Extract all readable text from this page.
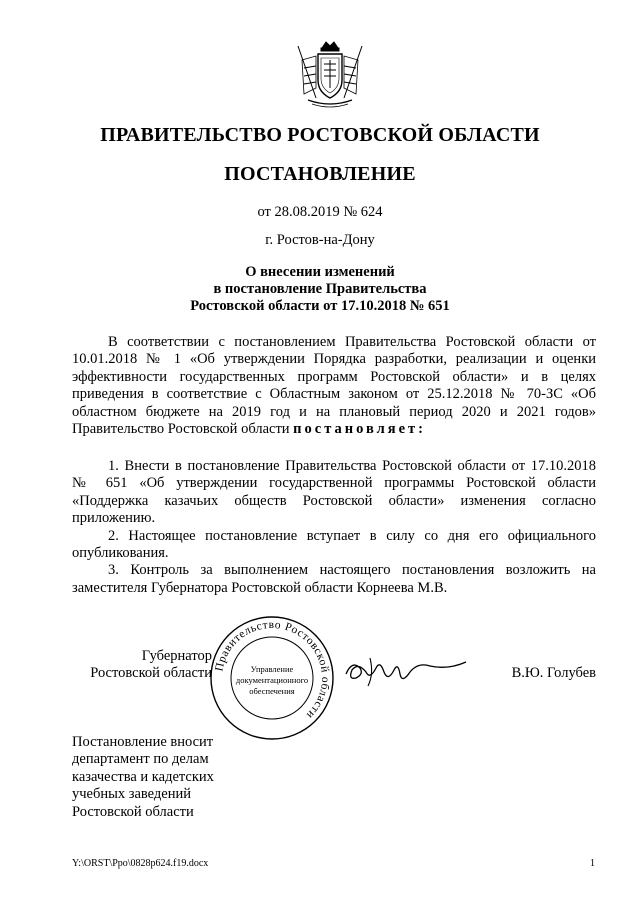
ПРАВИТЕЛЬСТВО РОСТОВСКОЙ ОБЛАСТИ
ПОСТАНОВЛЕНИЕ
от 28.08.2019 № 624
г. Ростов-на-Дону
О внесении изменений
в постановление Правительства
Ростовской области от 17.10.2018 № 651

В соответствии с постановлением Правительства Ростовской области от 10.01.2018 № 1 «Об утверждении Порядка разработки, реализации и оценки эффективности государственных программ Ростовской области» и в целях приведения в соответствие с Областным законом от 25.12.2018 № 70-ЗС «Об областном бюджете на 2019 год и на плановый период 2020 и 2021 годов» Правительство Ростовской области постановляет:

1. Внести в постановление Правительства Ростовской области от 17.10.2018 № 651 «Об утверждении государственной программы Ростовской области «Поддержка казачьих обществ Ростовской области» изменения согласно приложению.

2. Настоящее постановление вступает в силу со дня его официального опубликования.

3. Контроль за выполнением настоящего постановления возложить на заместителя Губернатора Ростовской области Корнеева М.В.

Губернатор
Ростовской области Правительство Ростовской области
Управление
документационного
обеспечения
В.Ю. Голубев
Постановление вносит
департамент по делам
казачества и кадетских
учебных заведений
Ростовской области
Y:\ORST\Ppo\0828p624.f19.docx	1
